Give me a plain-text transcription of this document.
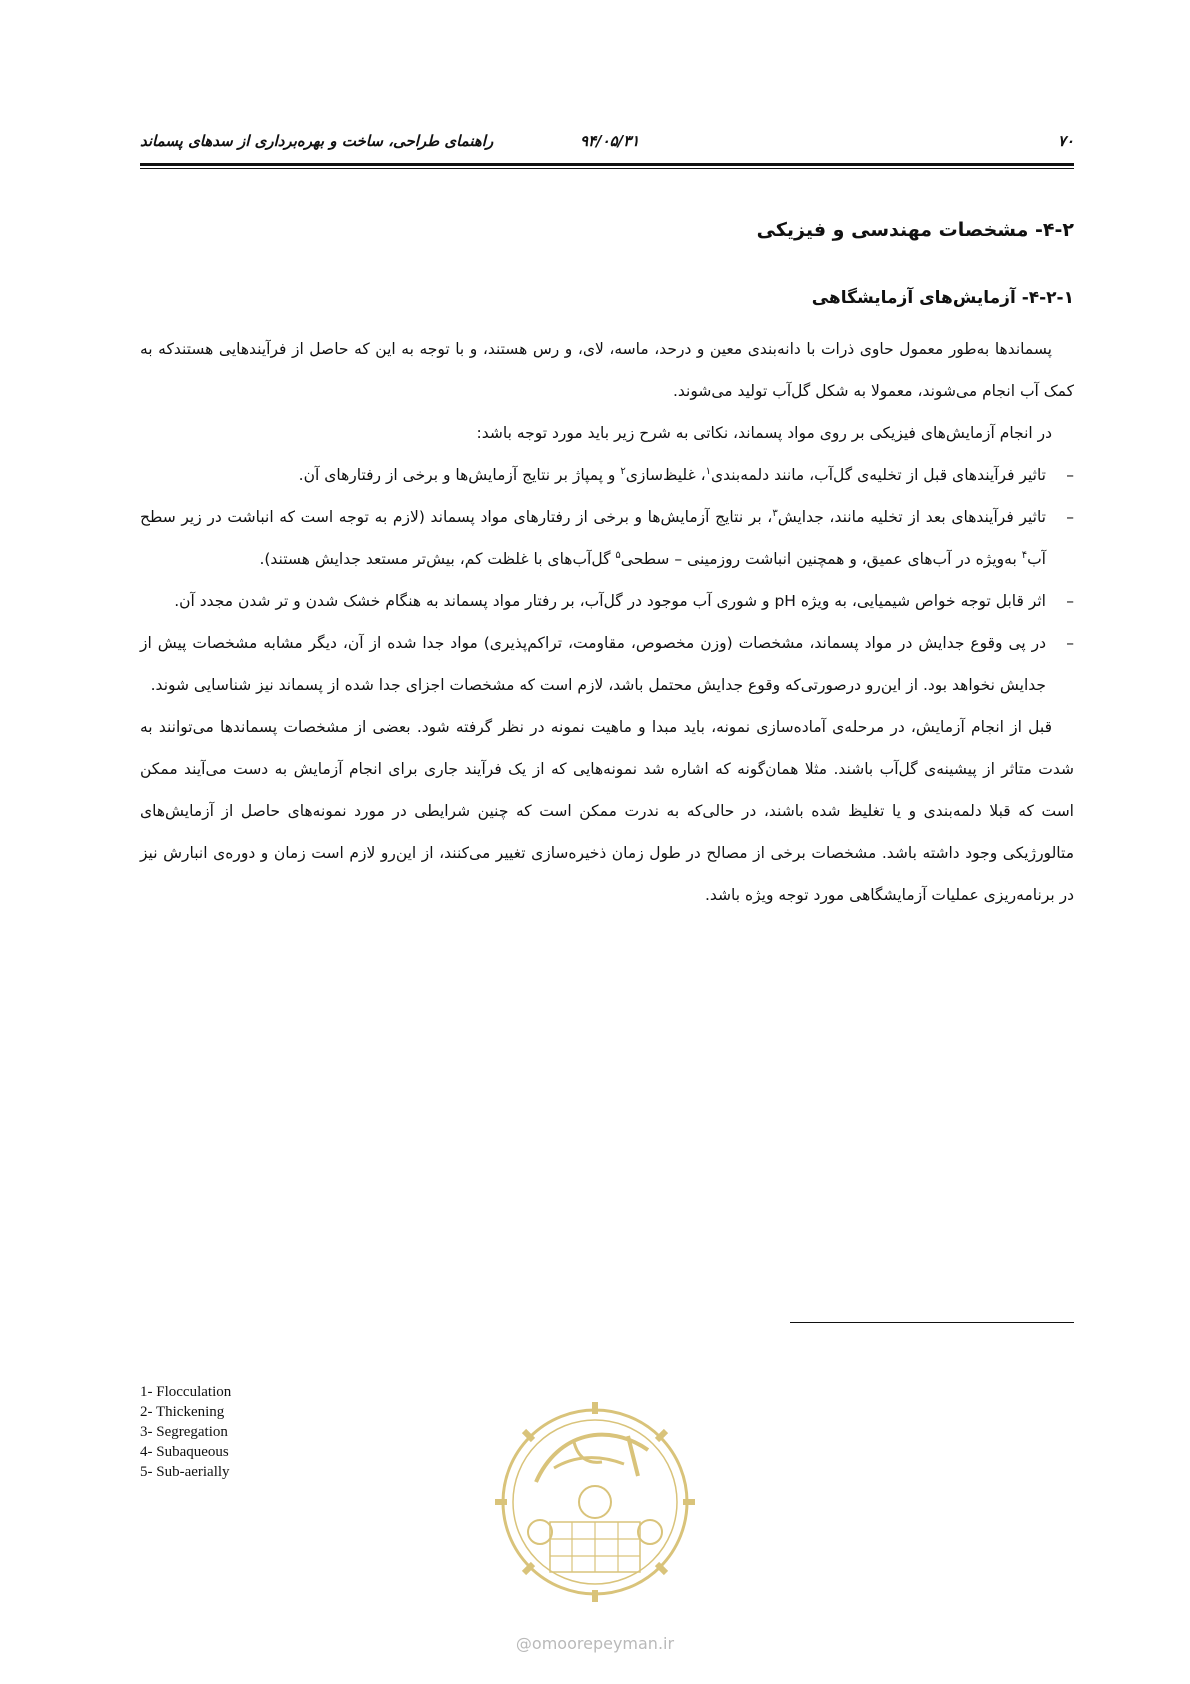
۷۰
۹۴/۰۵/۳۱
راهنمای طراحی، ساخت و بهره‌برداری از سدهای پسماند
۴-۲- مشخصات مهندسی و فیزیکی
۴-۲-۱- آزمایش‌های آزمایشگاهی

پسماندها به‌طور معمول حاوی ذرات با دانه‌بندی معین و درحد، ماسه، لای، و رس هستند، و با توجه به این که حاصل از فرآیندهایی هستندکه به کمک آب انجام می‌شوند، معمولا به شکل گل‌آب تولید می‌شوند.

در انجام آزمایش‌های فیزیکی بر روی مواد پسماند، نکاتی به شرح زیر باید مورد توجه باشد:

–
تاثیر فرآیندهای قبل از تخلیه‌ی گل‌آب، مانند دلمه‌بندی$^۱$، غلیظ‌سازی$^۲$ و پمپاژ بر نتایج آزمایش‌ها و برخی از رفتارهای آن.
–
تاثیر فرآیندهای بعد از تخلیه مانند، جدایش$^۳$، بر نتایج آزمایش‌ها و برخی از رفتارهای مواد پسماند (لازم به توجه است که انباشت در زیر سطح آب$^۴$ به‌ویژه در آب‌های عمیق، و همچنین انباشت روزمینی – سطحی$^۵$ گل‌آب‌های با غلظت کم، بیش‌تر مستعد جدایش هستند).
–
اثر قابل توجه خواص شیمیایی، به ویژه pH و شوری آب موجود در گل‌آب، بر رفتار مواد پسماند به هنگام خشک شدن و تر شدن مجدد آن.
–
در پی وقوع جدایش در مواد پسماند، مشخصات (وزن مخصوص، مقاومت، تراکم‌پذیری) مواد جدا شده از آن، دیگر مشابه مشخصات پیش از جدایش نخواهد بود. از این‌رو درصورتی‌که وقوع جدایش محتمل باشد، لازم است که مشخصات اجزای جدا شده از پسماند نیز شناسایی شوند.

قبل از انجام آزمایش، در مرحله‌ی آماده‌سازی نمونه، باید مبدا و ماهیت نمونه در نظر گرفته شود. بعضی از مشخصات پسماندها می‌توانند به شدت متاثر از پیشینه‌ی گل‌آب باشند. مثلا همان‌گونه که اشاره شد نمونه‌هایی که از یک فرآیند جاری برای انجام آزمایش به دست می‌آیند ممکن است که قبلا دلمه‌بندی و یا تغلیظ شده باشند، در حالی‌که به ندرت ممکن است که چنین شرایطی در مورد نمونه‌های حاصل از آزمایش‌های متالورژیکی وجود داشته باشد. مشخصات برخی از مصالح در طول زمان ذخیره‌سازی تغییر می‌کنند، از این‌رو لازم است زمان و دوره‌ی انبارش نیز در برنامه‌ریزی عملیات آزمایشگاهی مورد توجه ویژه باشد.

1- Flocculation
2- Thickening
3- Segregation
4- Subaqueous
5- Sub-aerially
@omoorepeyman.ir
